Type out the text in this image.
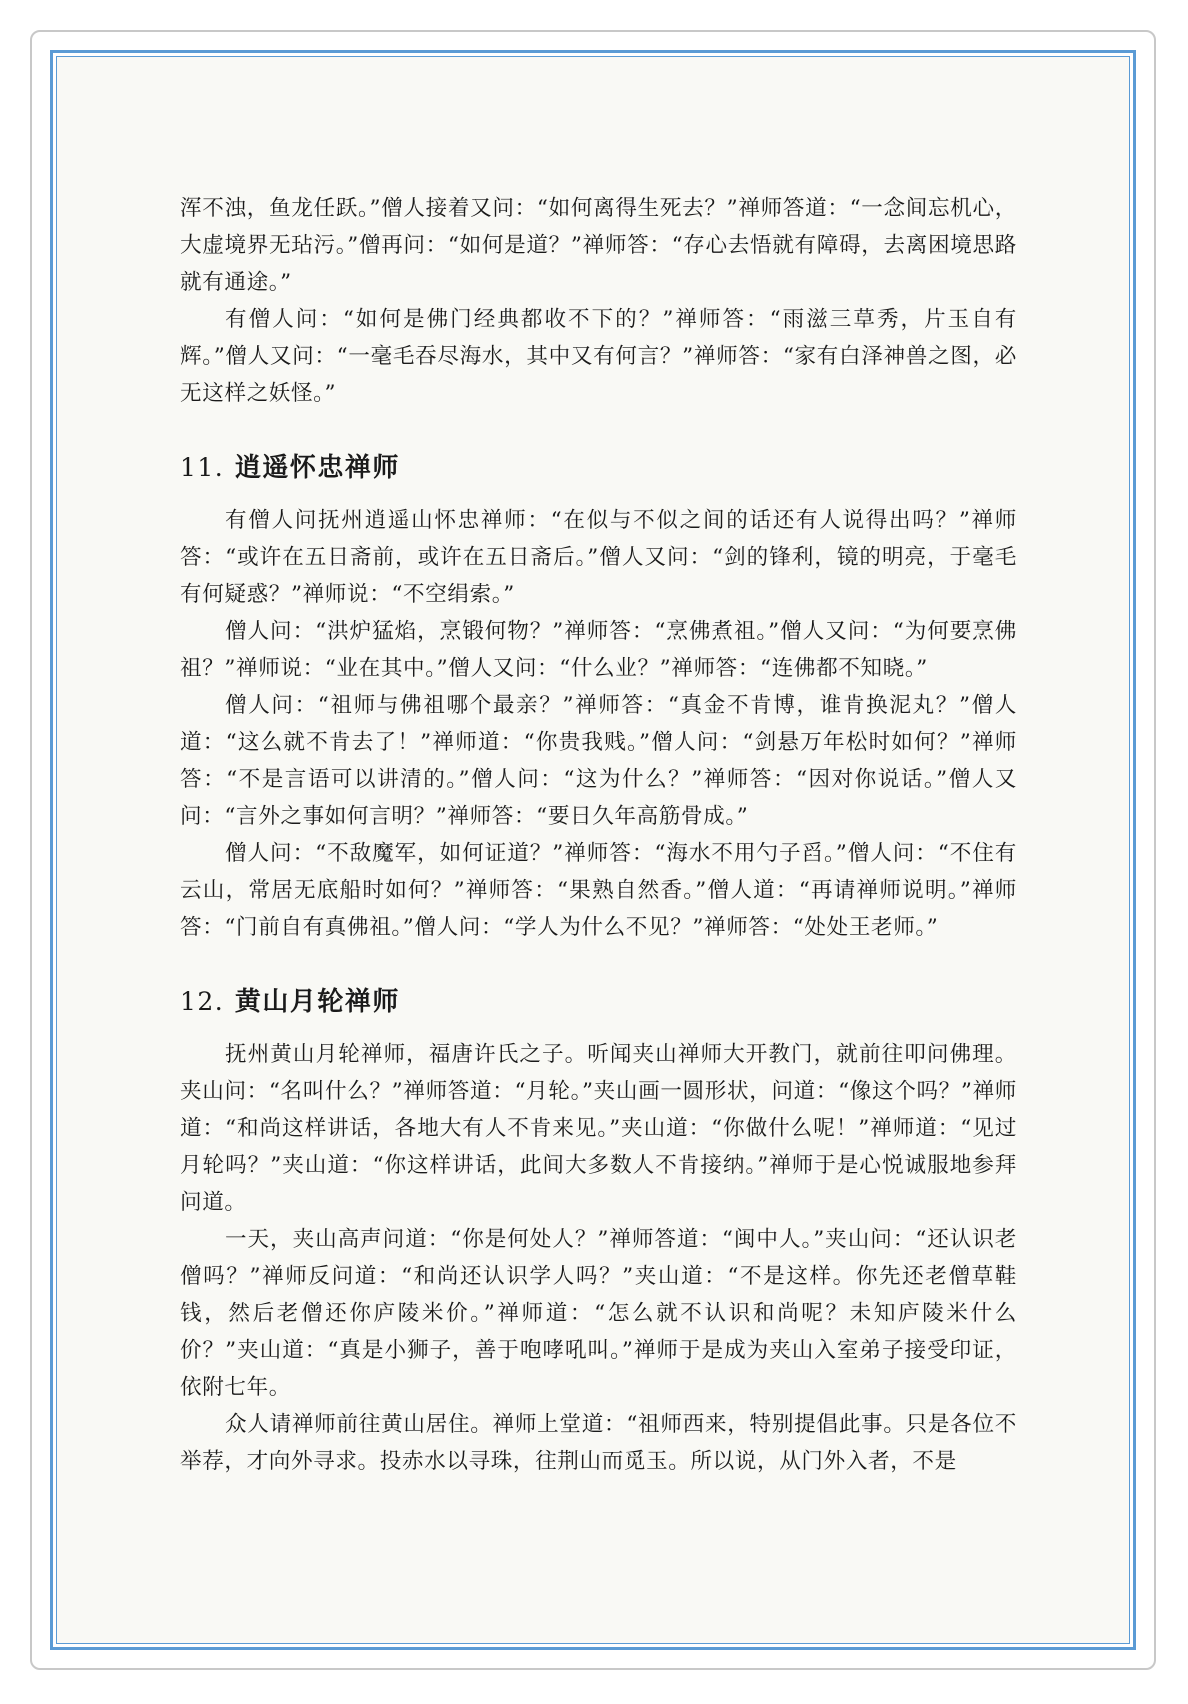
浑不浊，鱼龙任跃。”僧人接着又问：“如何离得生死去？”禅师答道：“一念间忘机心，大虚境界无玷污。”僧再问：“如何是道？”禅师答：“存心去悟就有障碍，去离困境思路就有通途。”

有僧人问：“如何是佛门经典都收不下的？”禅师答：“雨滋三草秀，片玉自有辉。”僧人又问：“一毫毛吞尽海水，其中又有何言？”禅师答：“家有白泽神兽之图，必无这样之妖怪。”

11. 逍遥怀忠禅师

有僧人问抚州逍遥山怀忠禅师：“在似与不似之间的话还有人说得出吗？”禅师答：“或许在五日斋前，或许在五日斋后。”僧人又问：“剑的锋利，镜的明亮，于毫毛有何疑惑？”禅师说：“不空绢索。”

僧人问：“洪炉猛焰，烹锻何物？”禅师答：“烹佛煮祖。”僧人又问：“为何要烹佛祖？”禅师说：“业在其中。”僧人又问：“什么业？”禅师答：“连佛都不知晓。”

僧人问：“祖师与佛祖哪个最亲？”禅师答：“真金不肯博，谁肯换泥丸？”僧人道：“这么就不肯去了！”禅师道：“你贵我贱。”僧人问：“剑悬万年松时如何？”禅师答：“不是言语可以讲清的。”僧人问：“这为什么？”禅师答：“因对你说话。”僧人又问：“言外之事如何言明？”禅师答：“要日久年高筋骨成。”

僧人问：“不敌魔军，如何证道？”禅师答：“海水不用勺子舀。”僧人问：“不住有云山，常居无底船时如何？”禅师答：“果熟自然香。”僧人道：“再请禅师说明。”禅师答：“门前自有真佛祖。”僧人问：“学人为什么不见？”禅师答：“处处王老师。”

12. 黄山月轮禅师

抚州黄山月轮禅师，福唐许氏之子。听闻夹山禅师大开教门，就前往叩问佛理。夹山问：“名叫什么？”禅师答道：“月轮。”夹山画一圆形状，问道：“像这个吗？”禅师道：“和尚这样讲话，各地大有人不肯来见。”夹山道：“你做什么呢！”禅师道：“见过月轮吗？”夹山道：“你这样讲话，此间大多数人不肯接纳。”禅师于是心悦诚服地参拜问道。

一天，夹山高声问道：“你是何处人？”禅师答道：“闽中人。”夹山问：“还认识老僧吗？”禅师反问道：“和尚还认识学人吗？”夹山道：“不是这样。你先还老僧草鞋钱，然后老僧还你庐陵米价。”禅师道：“怎么就不认识和尚呢？未知庐陵米什么价？”夹山道：“真是小狮子，善于咆哮吼叫。”禅师于是成为夹山入室弟子接受印证，依附七年。

众人请禅师前往黄山居住。禅师上堂道：“祖师西来，特别提倡此事。只是各位不举荐，才向外寻求。投赤水以寻珠，往荆山而觅玉。所以说，从门外入者，不是
